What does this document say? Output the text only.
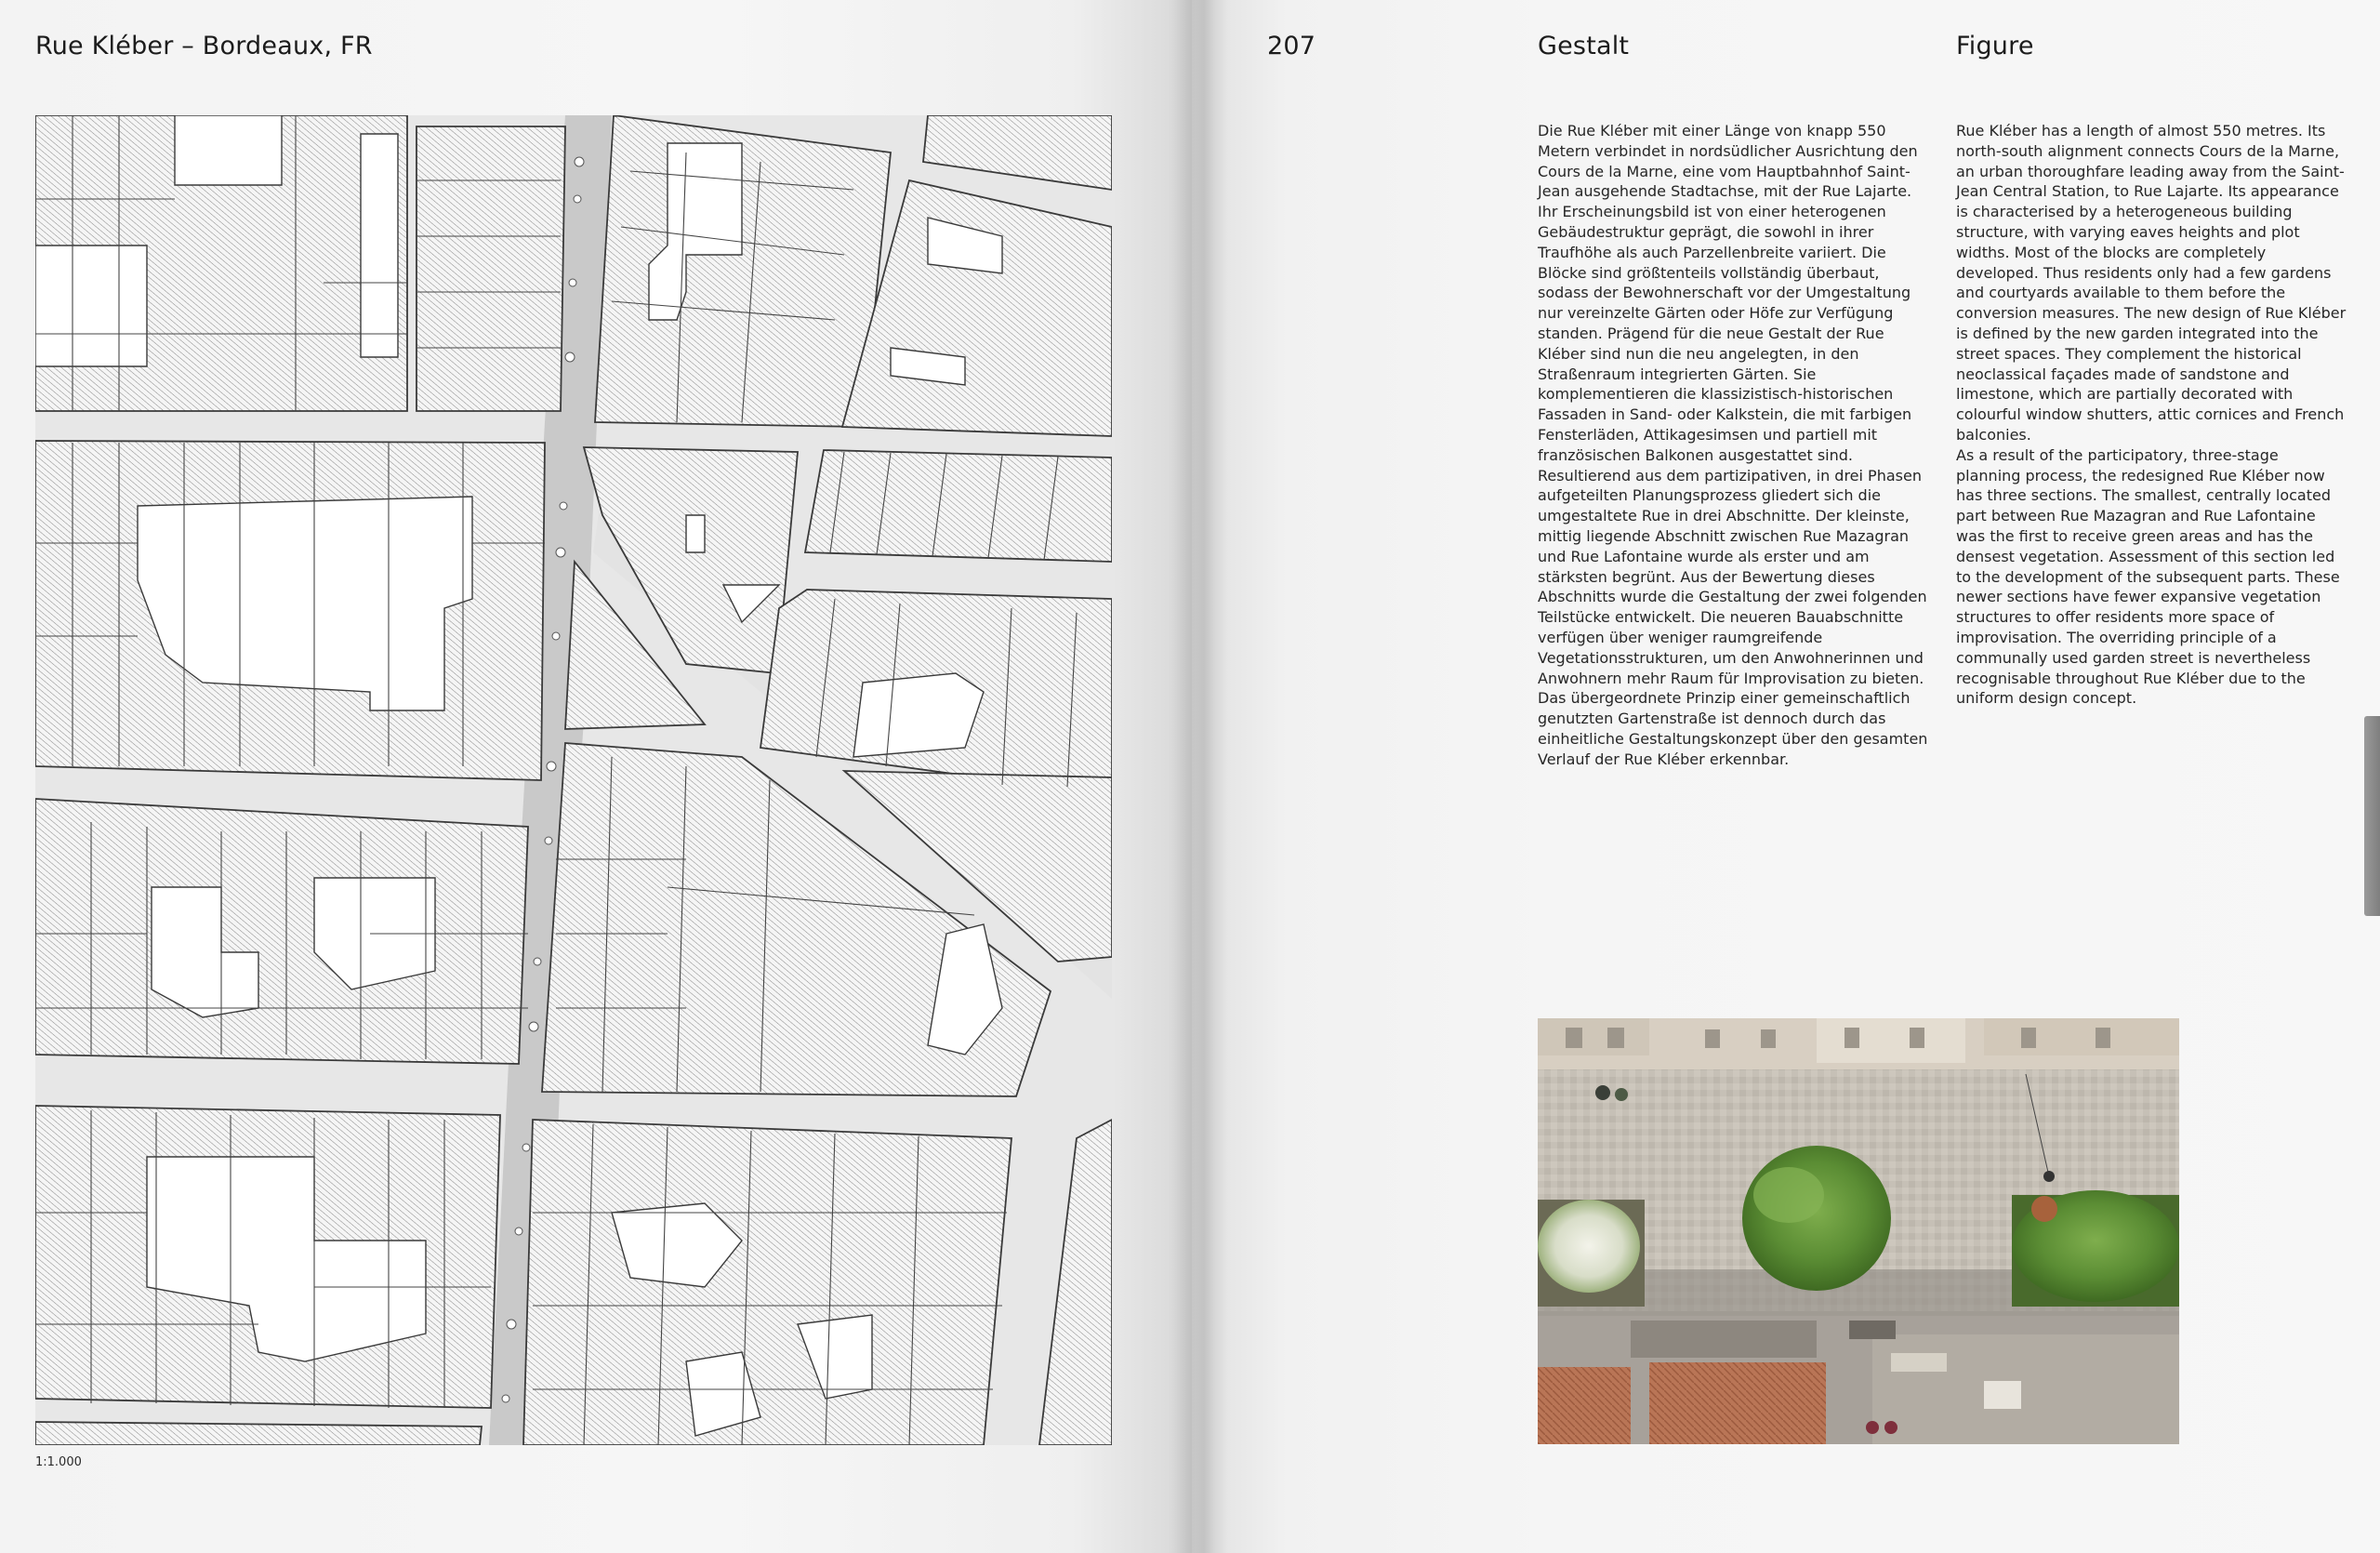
Rue Kléber – Bordeaux, FR
1:1.000
207	Gestalt	Figure

Die Rue Kléber mit einer Länge von knapp 550 Metern verbindet in nordsüdlicher Ausrichtung den Cours de la Marne, eine vom Hauptbahnhof Saint-Jean ausgehende Stadtachse, mit der Rue Lajarte. Ihr Erscheinungsbild ist von einer heterogenen Gebäudestruktur geprägt, die sowohl in ihrer Traufhöhe als auch Parzellenbreite variiert. Die Blöcke sind größtenteils vollständig überbaut, sodass der Bewohnerschaft vor der Umgestaltung nur vereinzelte Gärten oder Höfe zur Verfügung standen. Prägend für die neue Gestalt der Rue Kléber sind nun die neu angelegten, in den Straßenraum integrierten Gärten. Sie komplementieren die klassizistisch-historischen Fassaden in Sand- oder Kalkstein, die mit farbigen Fensterläden, Attikagesimsen und partiell mit französischen Balkonen ausgestattet sind.

Resultierend aus dem partizipativen, in drei Phasen aufgeteilten Planungsprozess gliedert sich die umgestaltete Rue in drei Abschnitte. Der kleinste, mittig liegende Abschnitt zwischen Rue Mazagran und Rue Lafontaine wurde als erster und am stärksten begrünt. Aus der Bewertung dieses Abschnitts wurde die Gestaltung der zwei folgenden Teilstücke entwickelt. Die neueren Bauabschnitte verfügen über weniger raumgreifende Vegetationsstrukturen, um den Anwohnerinnen und Anwohnern mehr Raum für Improvisation zu bieten. Das übergeordnete Prinzip einer gemeinschaftlich genutzten Gartenstraße ist dennoch durch das einheitliche Gestaltungskonzept über den gesamten Verlauf der Rue Kléber erkennbar.

Rue Kléber has a length of almost 550 metres. Its north-south alignment connects Cours de la Marne, an urban thoroughfare leading away from the Saint-Jean Central Station, to Rue Lajarte. Its appearance is characterised by a heterogeneous building structure, with varying eaves heights and plot widths. Most of the blocks are completely developed. Thus residents only had a few gardens and courtyards available to them before the conversion measures. The new design of Rue Kléber is defined by the new garden integrated into the street spaces. They complement the historical neoclassical façades made of sandstone and limestone, which are partially decorated with colourful window shutters, attic cornices and French balconies.

As a result of the participatory, three-stage planning process, the redesigned Rue Kléber now has three sections. The smallest, centrally located part between Rue Mazagran and Rue Lafontaine was the first to receive green areas and has the densest vegetation. Assessment of this section led to the development of the subsequent parts. These newer sections have fewer expansive vegetation structures to offer residents more space of improvisation. The overriding principle of a communally used garden street is nevertheless recognisable throughout Rue Kléber due to the uniform design concept.
